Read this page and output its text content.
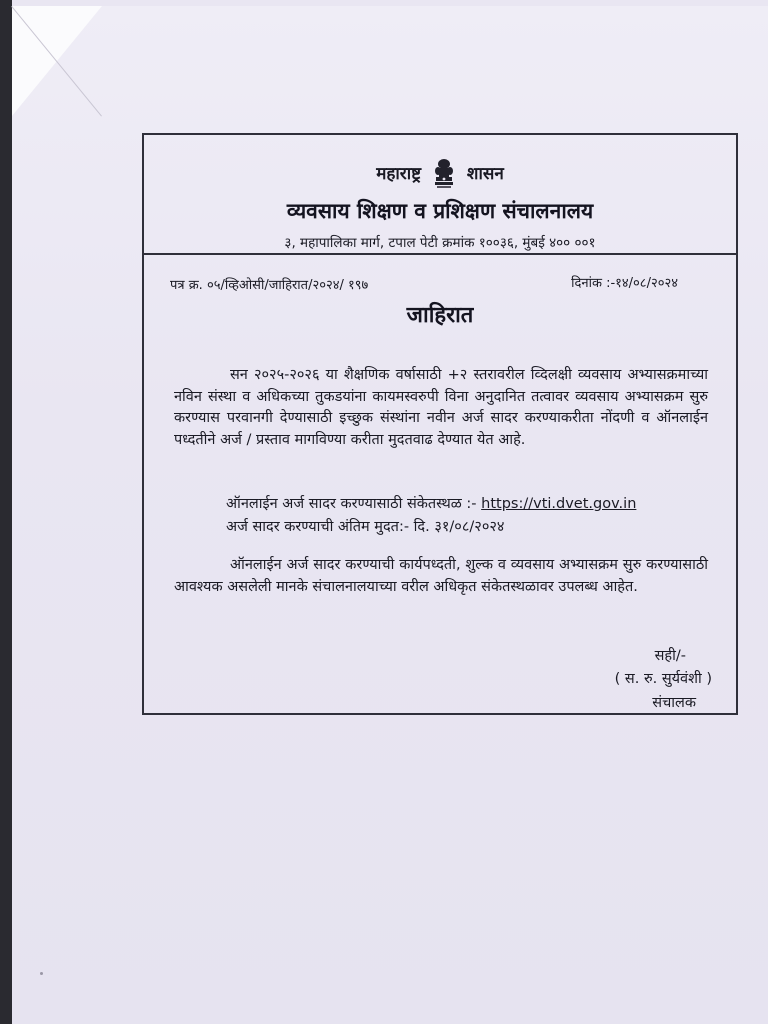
महाराष्ट्र	शासन
व्यवसाय शिक्षण व प्रशिक्षण संचालनालय
३, महापालिका मार्ग, टपाल पेटी क्रमांक १००३६, मुंबई ४०० ००१
पत्र क्र. ०५/व्हिओसी/जाहिरात/२०२४/ १९७	दिनांक :-१४/०८/२०२४
जाहिरात
सन २०२५-२०२६ या शैक्षणिक वर्षासाठी +२ स्तरावरील व्दिलक्षी व्यवसाय अभ्यासक्रमाच्या नविन संस्था व अधिकच्या तुकडयांना कायमस्वरुपी विना अनुदानित तत्वावर व्यवसाय अभ्यासक्रम सुरु करण्यास परवानगी देण्यासाठी इच्छुक संस्थांना नवीन अर्ज सादर करण्याकरीता नोंदणी व ऑनलाईन पध्दतीने अर्ज / प्रस्ताव मागविण्या करीता मुदतवाढ देण्यात येत आहे.
ऑनलाईन अर्ज सादर करण्यासाठी संकेतस्थळ :- https://vti.dvet.gov.in
अर्ज सादर करण्याची अंतिम मुदत:- दि. ३१/०८/२०२४
ऑनलाईन अर्ज सादर करण्याची कार्यपध्दती, शुल्क व व्यवसाय अभ्यासक्रम सुरु करण्यासाठी आवश्यक असलेली मानके संचालनालयाच्या वरील अधिकृत संकेतस्थळावर उपलब्ध आहेत.
सही/-
( स. रु. सुर्यवंशी )
संचालक
